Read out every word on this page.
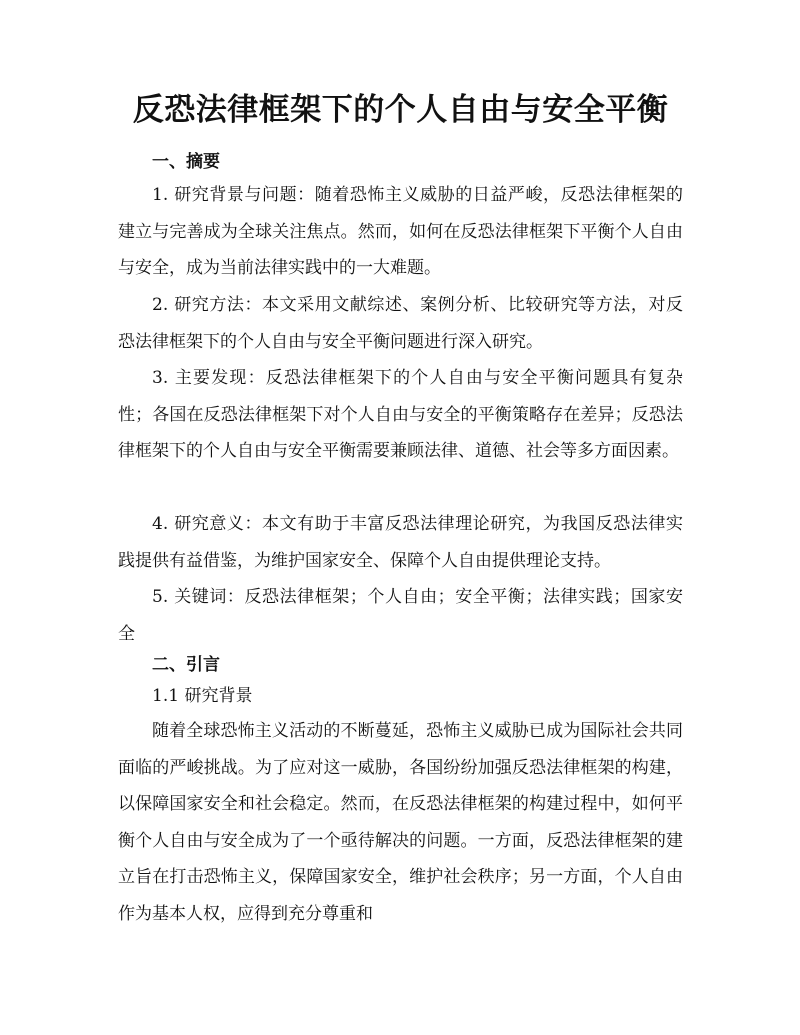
反恐法律框架下的个人自由与安全平衡
一、摘要
1. 研究背景与问题：随着恐怖主义威胁的日益严峻，反恐法律框架的建立与完善成为全球关注焦点。然而，如何在反恐法律框架下平衡个人自由与安全，成为当前法律实践中的一大难题。
2. 研究方法：本文采用文献综述、案例分析、比较研究等方法，对反恐法律框架下的个人自由与安全平衡问题进行深入研究。
3. 主要发现：反恐法律框架下的个人自由与安全平衡问题具有复杂性；各国在反恐法律框架下对个人自由与安全的平衡策略存在差异；反恐法律框架下的个人自由与安全平衡需要兼顾法律、道德、社会等多方面因素。
4. 研究意义：本文有助于丰富反恐法律理论研究，为我国反恐法律实践提供有益借鉴，为维护国家安全、保障个人自由提供理论支持。
5. 关键词：反恐法律框架；个人自由；安全平衡；法律实践；国家安全
二、引言
1.1 研究背景
随着全球恐怖主义活动的不断蔓延，恐怖主义威胁已成为国际社会共同面临的严峻挑战。为了应对这一威胁，各国纷纷加强反恐法律框架的构建，以保障国家安全和社会稳定。然而，在反恐法律框架的构建过程中，如何平衡个人自由与安全成为了一个亟待解决的问题。一方面，反恐法律框架的建立旨在打击恐怖主义，保障国家安全，维护社会秩序；另一方面，个人自由作为基本人权，应得到充分尊重和
